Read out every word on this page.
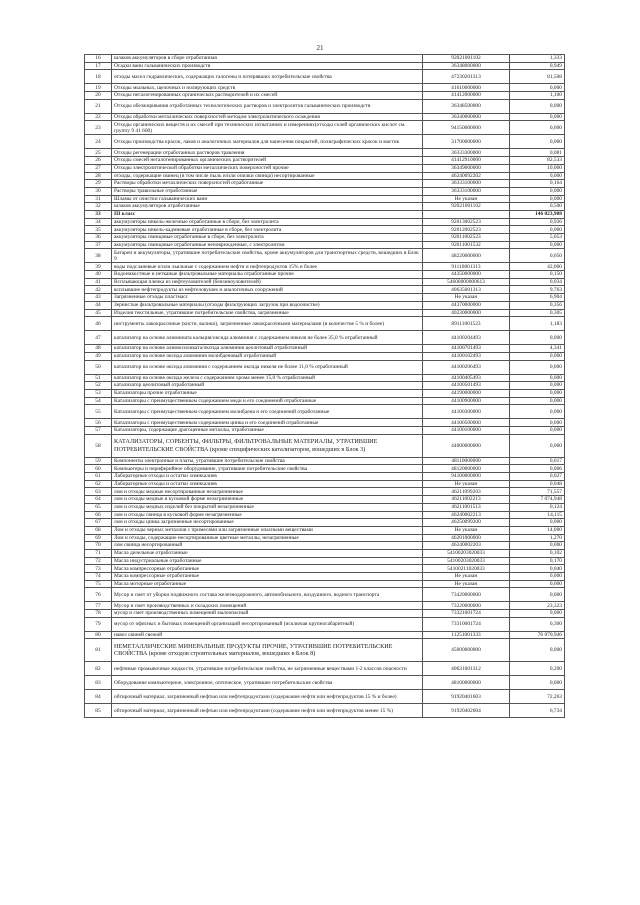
21
16	шлаков аккумуляторов в сборе отработанная	92021001102	1,333
17	Осадки ванн гальванических производств	36348000000	0,949
18	отходы масел гидравлических, содержащих галогены и потерявших потребительские свойства	47230201313	81,508
19	Отходы мыльных, щелочных и полирующих средств	41610000000	0,000
20	Отходы негалогенированных органических растворителей и их смесей	41412000000	1,100
21	Отходы обезжиривания отработанных технологических растворов и электролитов гальванических производств	36348500000	0,000
22	Отходы обработки металлических поверхностей методом электролитического осаждения	36340000000	0,000
23	Отходы органических веществ и их смесей при технических испытаниях и измерениях(отходы солей органических кислот см. группу 9 41 600)	94150000000	0,000
24	Отходы производства красок, лаков и аналогичных материалов для нанесения покрытий, полиграфических красок и мастик	31700000000	0,000
25	Отходы регенерации отработанных растворов травления	36333300000	0,081
26	Отходы смесей негалогенированных органических растворителей	41412910000	82,533
27	Отходы электролитической обработки металлических поверхностей прочие	36349000000	10,000
28	отходы, содержащие свинец (в том числе пыль и/или опилки свинца) несортированные	46240092202	0,000
29	Растворы обработки металлических поверхностей отработанные	36333100000	0,164
30	Растворы травильные отработанные	36333100000	0,000
31	Шламы от очистки гальванических ванн	Не указан	0,000
32	шлаков аккумуляторов отработанные	92021001102	0,500
33	III класс		146 023,908
34	аккумуляторы никель-железные отработанные в сборе, без электролита	92013002523	0,936
35	аккумуляторы никель-кадмиевые отработанные в сборе, без электролита	92012002523	0,000
36	аккумуляторы свинцовые отработанные в сборе, без электролита	92011002523	5,053
37	аккумуляторы свинцовые отработанные неповрежденные, с электролитом	92011001532	0,000
38	Батареи и аккумуляторы, утратившие потребительские свойства, кроме аккумуляторов для транспортных средств, вошедших в Блок 9	48220000000	0,050
39	воды подсланевые и/или льяльные с содержанием нефти и нефтепродуктов 15% и более	91110001313	42,000
40	Водоемкостные и нетканые фильтровальные материалы отработанные прочие	44350000000	0,150
41	Всплывающая пленка из нефтеуловителей (бензиноуловителей)	54600000000613	0,034
42	всплывшие нефтепродукты из нефтеловушек и аналогичных сооружений	40635001313	9,763
43	Загрязненные отходы пластмасс	Не указан	6,904
44	Зернистые фильтровальные материалы (отходы фильтрующих загрузок при водоочистке)	44370000000	0,356
45	Изделия текстильные, утратившие потребительские свойства, загрязненные	40230000000	0,305
46	инструменты лакокрасочные (кисти, валики), загрязненные лакокрасочными материалами (в количестве 5 % и более)	89111001523	1,183
47	катализатор на основе алюмината кальция/оксида алюминия с содержанием никеля не более 35,0 % отработанный	44100204493	0,000
48	катализатор на основе алюмосиликата/оксида алюминия цеолитовый отработанный	44100701493	4,341
49	катализатор на основе оксида алюминия молибденовый отработанный	44100102493	0,000
50	катализатор на основе оксида алюминия с содержанием оксида никеля не более 11,0 % отработанный	44100206493	0,000
51	катализатор на основе оксида железа с содержанием хрома менее 15,0 % отработанный	44100405493	0,000
52	катализатор цеолитовый отработанный	44100501493	0,000
53	Катализаторы прочие отработанные	44190000000	0,000
54	Катализаторы с преимущественным содержанием меди и его соединений отработанные	44100900000	0,000
55	Катализаторы с преимущественным содержанием молибдена и его соединений отработанные	44100300000	0,000
56	Катализаторы с преимущественным содержанием цинка и его соединений отработанные	44100500000	0,000
57	Катализаторы, содержащие драгоценные металлы, отработанные	44100100000	0,000
58	КАТАЛИЗАТОРЫ, СОРБЕНТЫ, ФИЛЬТРЫ, ФИЛЬТРОВАЛЬНЫЕ МАТЕРИАЛЫ, УТРАТИВШИЕ ПОТРЕБИТЕЛЬСКИЕ СВОЙСТВА (кроме специфических катализаторов, вошедших в Блок 3)	44000000000	0,000
59	Компоненты электронные и платы, утратившие потребительские свойства	48110000000	0,017
60	Компьютеры и периферийное оборудование, утратившие потребительские свойства	48120000000	0,006
61	Лабораторные отходы и остатки химикалиев	94100000000	0,027
62	Лабораторные отходы и остатки химикалиев	Не указан	0,048
63	лом и отходы медные несортированные незагрязненные	46211099203	71,557
64	лом и отходы медные в кусковой форме незагрязненные	46211002213	7 074,948
65	лом и отходы медных изделий без покрытий незагрязненные	46211001513	0,124
66	лом и отходы свинца в кусковой форме незагрязненные	46240002213	14,115
67	лом и отходы цинка загрязненные несортированные	46250099200	0,000
68	Лом и отходы черных металлов с примесями или загрязненные опасными веществами	Не указан	14,000
69	Лом и отходы, содержащие несортированные цветные металлы, незагрязненные	46201000000	1,270
70	лом свинца несортированный	46240002203	0,000
71	Масла дизельные отработанные	54100203020033	0,102
72	Масла индустриальные отработанные	54100203020033	0,170
73	Масла компрессорные отработанные	54100211020033	0,040
74	Масла компрессорные отработанные	Не указан	0,000
75	Масла моторные отработанные	Не указан	0,000
76	Мусор и смет от уборки подвижного состава железнодорожного, автомобильного, воздушного, водного транспорта	73420000000	0,000
77	Мусор и смет производственных и складских помещений	73220000000	23,323
78	мусор и смет производственных помещений малоопасный	73321001724	9,000
79	мусор от офисных и бытовых помещений организаций несортированный (исключая крупногабаритный)	73310001724	0,300
80	навоз свиней свежий	11251001333	76 070,946
81	НЕМЕТАЛЛИЧЕСКИЕ МИНЕРАЛЬНЫЕ ПРОДУКТЫ ПРОЧИЕ, УТРАТИВШИЕ ПОТРЕБИТЕЛЬСКИЕ СВОЙСТВА (кроме отходов строительных материалов, вошедших в Блок 8)	45000000000	0,000
82	нефтяные промывочные жидкости, утратившие потребительские свойства, не загрязненные веществами 1-2 классов опасности	40631001312	0,200
83	Оборудование компьютерное, электронное, оптическое, утратившее потребительские свойства	48100000000	0,000
84	обтирочный материал, загрязненный нефтью или нефтепродуктами (содержание нефти или нефтепродуктов 15 % и более)	91920401603	72,263
85	обтирочный материал, загрязненный нефтью или нефтепродуктами (содержание нефти или нефтепродуктов менее 15 %)	91920402604	6,734
